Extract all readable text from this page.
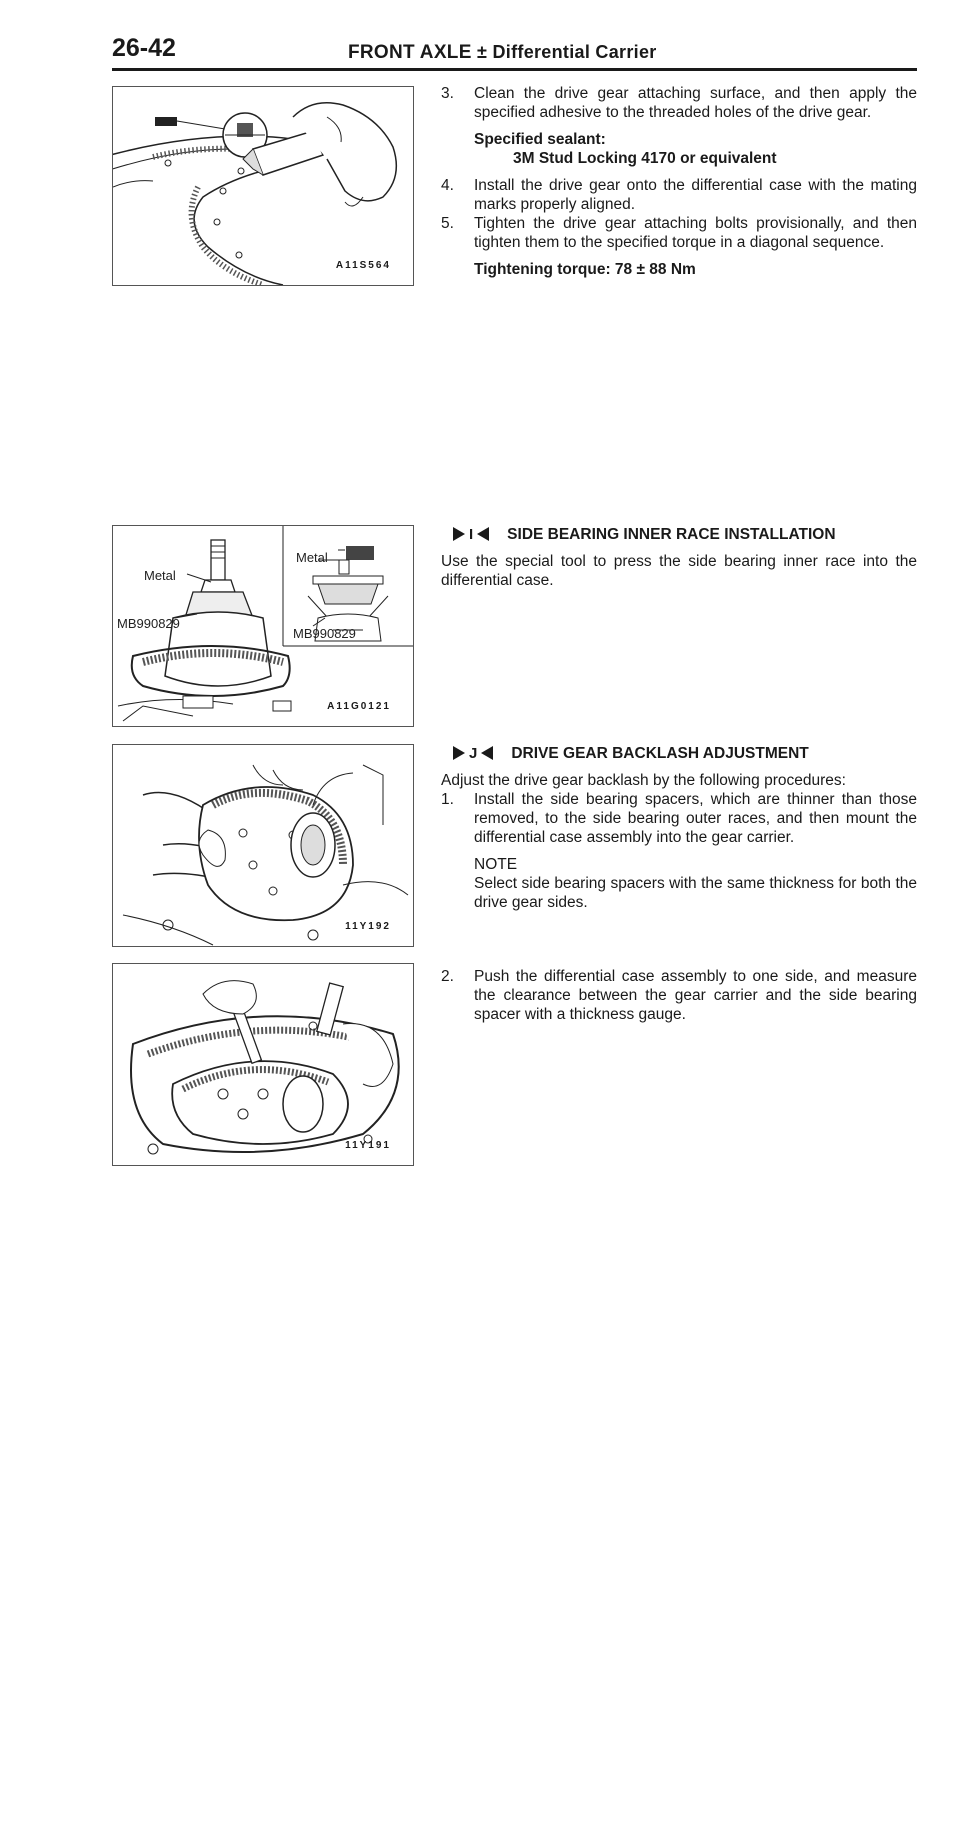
26-42	FRONT AXLE ± Differential Carrier
A11S564
Metal
Metal
MB990829
MB990829
A11G0121
11Y192
11Y191
3. Clean the drive gear attaching surface, and then apply the specified adhesive to the threaded holes of the drive gear.
Specified sealant:
3M Stud Locking 4170 or equivalent
4. Install the drive gear onto the differential case with the mating marks properly aligned.
5. Tighten the drive gear attaching bolts provisionally, and then tighten them to the specified torque in a diagonal sequence.
Tightening torque: 78 ± 88 Nm
I SIDE BEARING INNER RACE INSTALLATION
Use the special tool to press the side bearing inner race into the differential case.
J DRIVE GEAR BACKLASH ADJUSTMENT
Adjust the drive gear backlash by the following procedures:
1. Install the side bearing spacers, which are thinner than those removed, to the side bearing outer races, and then mount the differential case assembly into the gear carrier.
NOTE
Select side bearing spacers with the same thickness for both the drive gear sides.
2. Push the differential case assembly to one side, and measure the clearance between the gear carrier and the side bearing spacer with a thickness gauge.
